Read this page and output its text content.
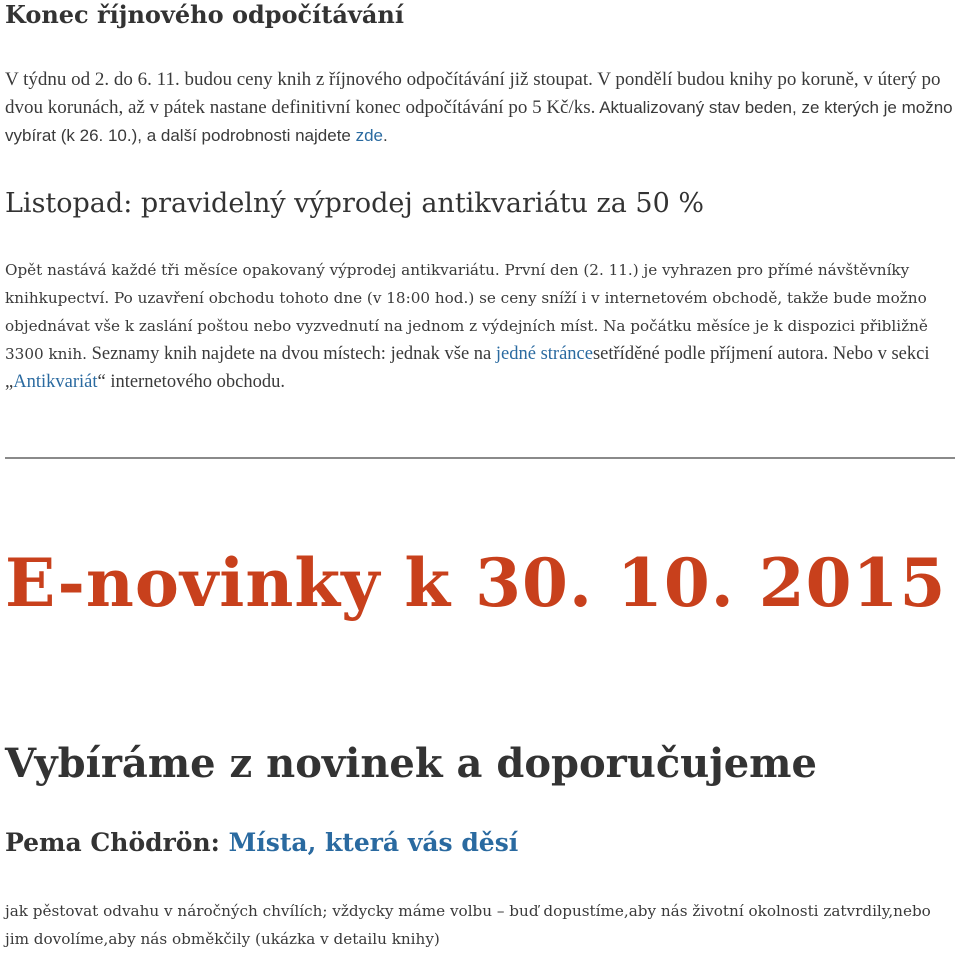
Konec říjnového odpočítávání

V týdnu od 2. do 6. 11. budou ceny knih z říjnového odpočítávání již stoupat. V pondělí budou knihy po koruně, v úterý po dvou korunách, až v pátek nastane definitivní konec odpočítávání po 5 Kč/ks. Aktualizovaný stav beden, ze kterých je možno vybírat (k 26. 10.), a další podrobnosti najdete zde.

Listopad: pravidelný výprodej antikvariátu za 50 %

Opět nastává každé tři měsíce opakovaný výprodej antikvariátu. První den (2. 11.) je vyhrazen pro přímé návštěvníky knihkupectví. Po uzavření obchodu tohoto dne (v 18:00 hod.) se ceny sníží i v internetovém obchodě, takže bude možno objednávat vše k zaslání poštou nebo vyzvednutí na jednom z výdejních míst. Na počátku měsíce je k dispozici přibližně 3300 knih. Seznamy knih najdete na dvou místech: jednak vše na jedné stráncesetříděné podle příjmení autora. Nebo v sekci „Antikvariát“ internetového obchodu.

E-novinky k 30. 10. 2015
Vybíráme z novinek a doporučujeme
Pema Chödrön: Místa, která vás děsí

jak pěstovat odvahu v náročných chvílích; vždycky máme volbu – buď dopustíme,aby nás životní okolnosti zatvrdily,nebo jim dovolíme,aby nás obměkčily (ukázka v detailu knihy)
